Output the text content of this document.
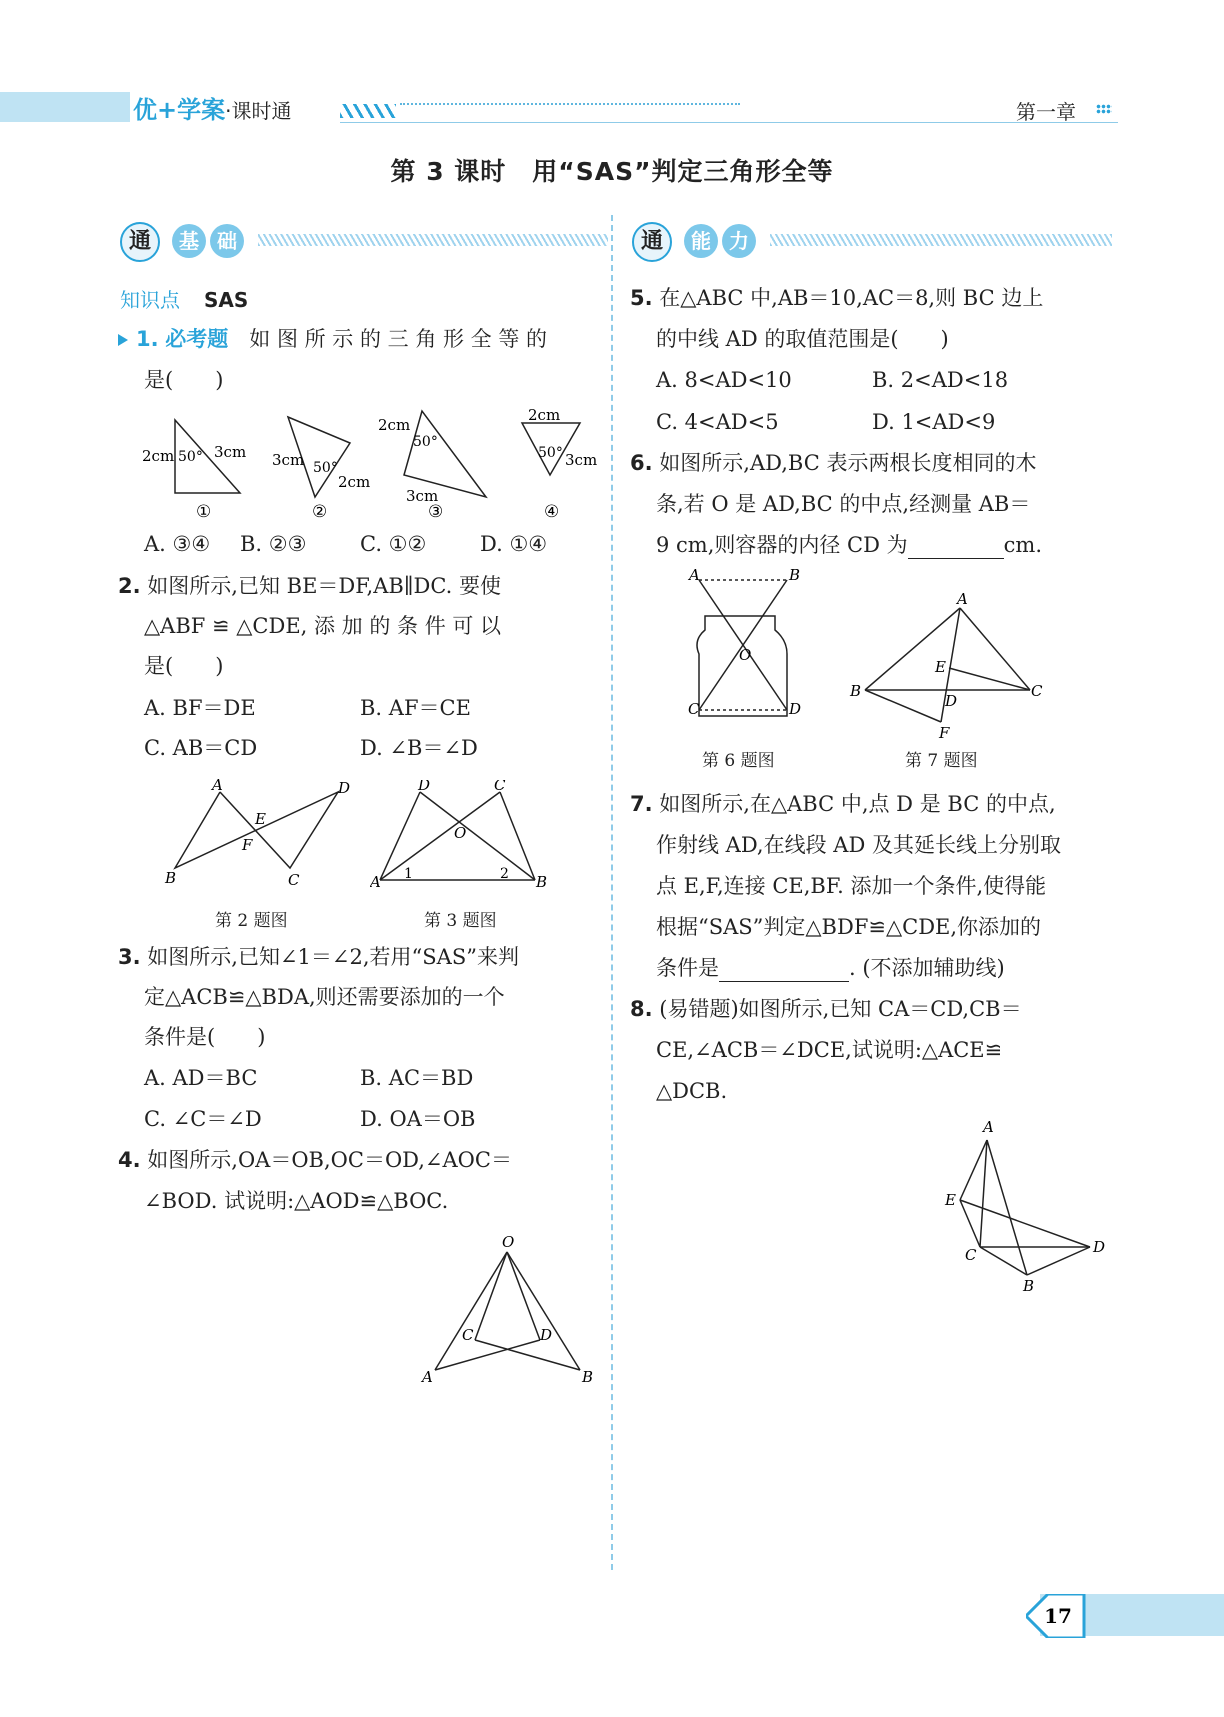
优+学案·课时通	第一章
第 3 课时　用“SAS”判定三角形全等
通	基 础	通	能 力
知识点 SAS
1. 必考题　 如 图 所 示 的 三 角 形 全 等 的
是(　　)
2cm 50° 3cm
①
3cm 50°
2cm
②
2cm
50°
3cm
③
2cm
50° 3cm
④
A. ③④ B. ②③	C. ①②	D. ①④
2. 如图所示,已知 BE＝DF,AB∥DC. 要使
△ABF ≌ △CDE, 添 加 的 条 件 可 以
是(　　)
A. BF＝DE	B. AF＝CE
C. AB＝CD	D. ∠B＝∠D
A
B	C
D
E
F
第 2 题图
D	C
O
A	B
1	2
第 3 题图
3. 如图所示,已知∠1＝∠2,若用“SAS”来判
定△ACB≌△BDA,则还需要添加的一个
条件是(　　)
A. AD＝BC	B. AC＝BD
C. ∠C＝∠D	D. OA＝OB
4. 如图所示,OA＝OB,OC＝OD,∠AOC＝
∠BOD. 试说明:△AOD≌△BOC.
O
A	B
C	D
5. 在△ABC 中,AB＝10,AC＝8,则 BC 边上
的中线 AD 的取值范围是(　　)
A. 8<AD<10	B. 2<AD<18
C. 4<AD<5	D. 1<AD<9
6. 如图所示,AD,BC 表示两根长度相同的木
条,若 O 是 AD,BC 的中点,经测量 AB＝
9 cm,则容器的内径 CD 为	cm.
A	B
O
C	D
第 6 题图
A
B	C
D
E
F
第 7 题图
7. 如图所示,在△ABC 中,点 D 是 BC 的中点,
作射线 AD,在线段 AD 及其延长线上分别取
点 E,F,连接 CE,BF. 添加一个条件,使得能
根据“SAS”判定△BDF≌△CDE,你添加的
条件是	. (不添加辅助线)
8. (易错题)如图所示,已知 CA＝CD,CB＝
CE,∠ACB＝∠DCE,试说明:△ACE≌
△DCB.
A
E
C	D
B
17
